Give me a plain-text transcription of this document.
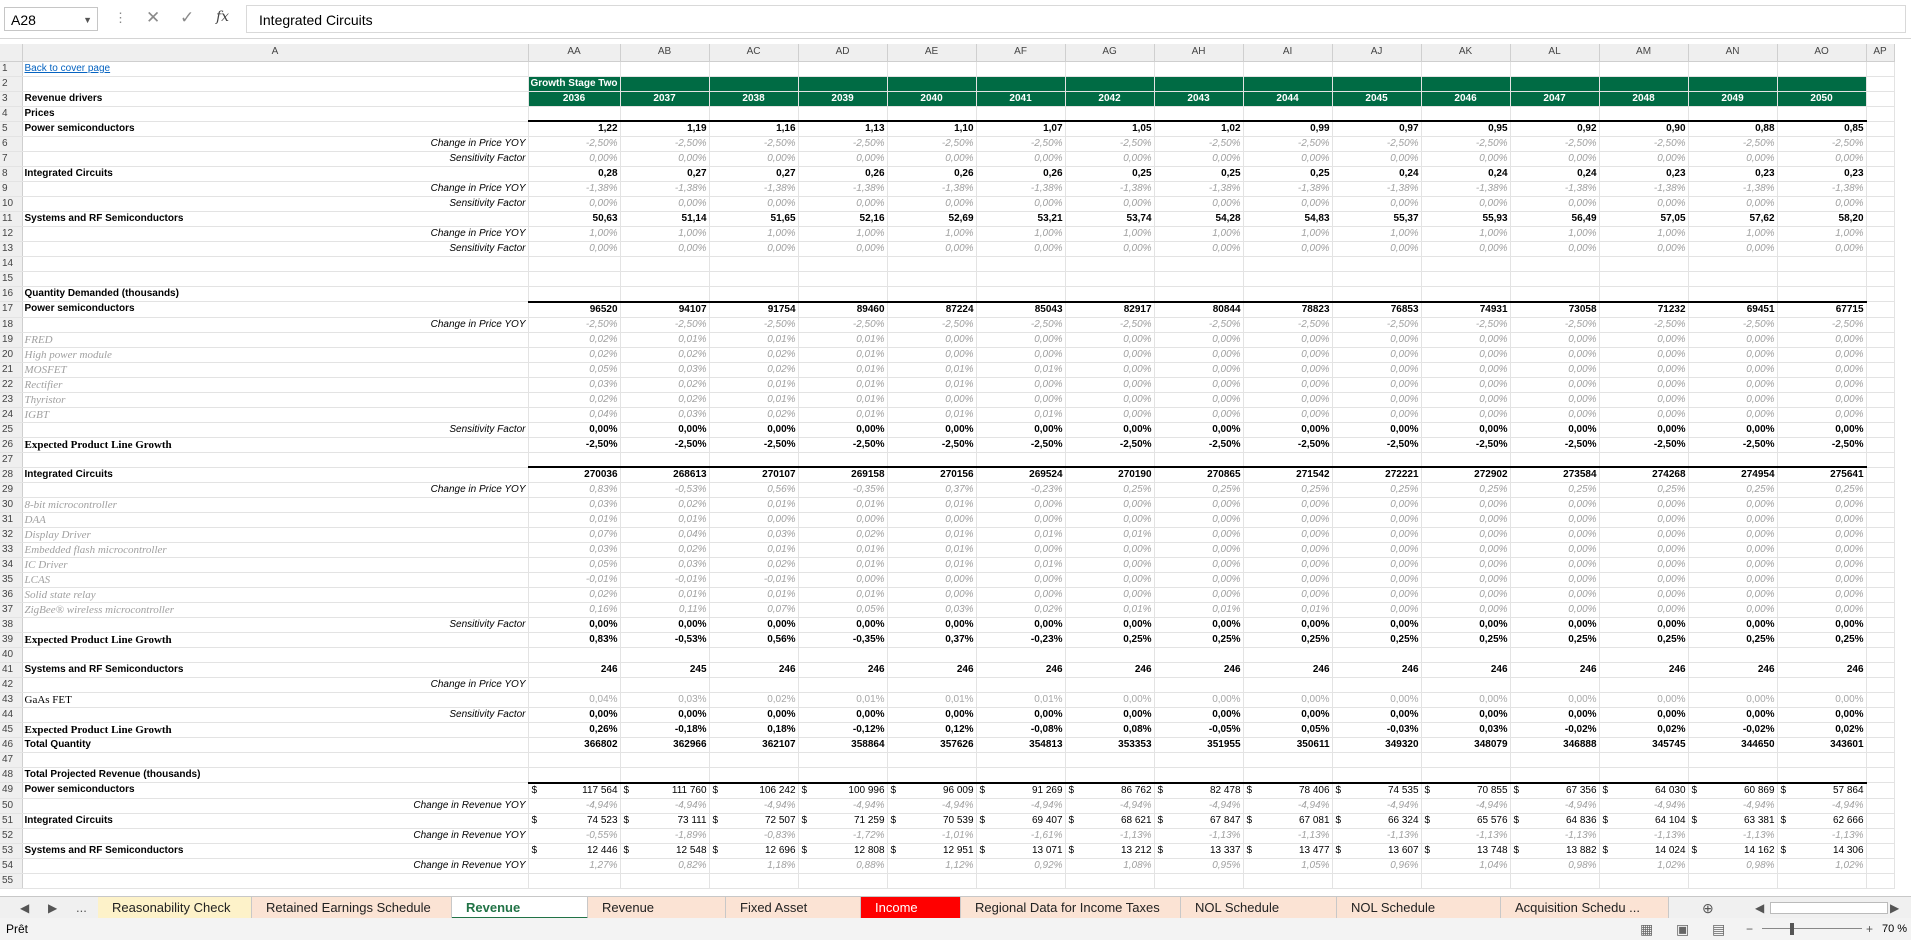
A28	▼ ⋮ ✕ ✓ fx	Integrated Circuits
	A	AA	AB	AC	AD	AE	AF	AG	AH	AI	AJ	AK	AL	AM	AN	AO	AP
1	Back to cover page																
2		Growth Stage Two															
3	Revenue drivers	2036	2037	2038	2039	2040	2041	2042	2043	2044	2045	2046	2047	2048	2049	2050	
4	Prices																
5	Power semiconductors	1,22	1,19	1,16	1,13	1,10	1,07	1,05	1,02	0,99	0,97	0,95	0,92	0,90	0,88	0,85	
6	Change in Price YOY	-2,50%	-2,50%	-2,50%	-2,50%	-2,50%	-2,50%	-2,50%	-2,50%	-2,50%	-2,50%	-2,50%	-2,50%	-2,50%	-2,50%	-2,50%	
7	Sensitivity Factor	0,00%	0,00%	0,00%	0,00%	0,00%	0,00%	0,00%	0,00%	0,00%	0,00%	0,00%	0,00%	0,00%	0,00%	0,00%	
8	Integrated Circuits	0,28	0,27	0,27	0,26	0,26	0,26	0,25	0,25	0,25	0,24	0,24	0,24	0,23	0,23	0,23	
9	Change in Price YOY	-1,38%	-1,38%	-1,38%	-1,38%	-1,38%	-1,38%	-1,38%	-1,38%	-1,38%	-1,38%	-1,38%	-1,38%	-1,38%	-1,38%	-1,38%	
10	Sensitivity Factor	0,00%	0,00%	0,00%	0,00%	0,00%	0,00%	0,00%	0,00%	0,00%	0,00%	0,00%	0,00%	0,00%	0,00%	0,00%	
11	Systems and RF Semiconductors	50,63	51,14	51,65	52,16	52,69	53,21	53,74	54,28	54,83	55,37	55,93	56,49	57,05	57,62	58,20	
12	Change in Price YOY	1,00%	1,00%	1,00%	1,00%	1,00%	1,00%	1,00%	1,00%	1,00%	1,00%	1,00%	1,00%	1,00%	1,00%	1,00%	
13	Sensitivity Factor	0,00%	0,00%	0,00%	0,00%	0,00%	0,00%	0,00%	0,00%	0,00%	0,00%	0,00%	0,00%	0,00%	0,00%	0,00%	
14																	
15																	
16	Quantity Demanded (thousands)																
17	Power semiconductors	96520	94107	91754	89460	87224	85043	82917	80844	78823	76853	74931	73058	71232	69451	67715	
18	Change in Price YOY	-2,50%	-2,50%	-2,50%	-2,50%	-2,50%	-2,50%	-2,50%	-2,50%	-2,50%	-2,50%	-2,50%	-2,50%	-2,50%	-2,50%	-2,50%	
19	FRED	0,02%	0,01%	0,01%	0,01%	0,00%	0,00%	0,00%	0,00%	0,00%	0,00%	0,00%	0,00%	0,00%	0,00%	0,00%	
20	High power module	0,02%	0,02%	0,02%	0,01%	0,00%	0,00%	0,00%	0,00%	0,00%	0,00%	0,00%	0,00%	0,00%	0,00%	0,00%	
21	MOSFET	0,05%	0,03%	0,02%	0,01%	0,01%	0,01%	0,00%	0,00%	0,00%	0,00%	0,00%	0,00%	0,00%	0,00%	0,00%	
22	Rectifier	0,03%	0,02%	0,01%	0,01%	0,01%	0,00%	0,00%	0,00%	0,00%	0,00%	0,00%	0,00%	0,00%	0,00%	0,00%	
23	Thyristor	0,02%	0,02%	0,01%	0,01%	0,00%	0,00%	0,00%	0,00%	0,00%	0,00%	0,00%	0,00%	0,00%	0,00%	0,00%	
24	IGBT	0,04%	0,03%	0,02%	0,01%	0,01%	0,01%	0,00%	0,00%	0,00%	0,00%	0,00%	0,00%	0,00%	0,00%	0,00%	
25	Sensitivity Factor	0,00%	0,00%	0,00%	0,00%	0,00%	0,00%	0,00%	0,00%	0,00%	0,00%	0,00%	0,00%	0,00%	0,00%	0,00%	
26	Expected Product Line Growth	-2,50%	-2,50%	-2,50%	-2,50%	-2,50%	-2,50%	-2,50%	-2,50%	-2,50%	-2,50%	-2,50%	-2,50%	-2,50%	-2,50%	-2,50%	
27																	
28	Integrated Circuits	270036	268613	270107	269158	270156	269524	270190	270865	271542	272221	272902	273584	274268	274954	275641	
29	Change in Price YOY	0,83%	-0,53%	0,56%	-0,35%	0,37%	-0,23%	0,25%	0,25%	0,25%	0,25%	0,25%	0,25%	0,25%	0,25%	0,25%	
30	8-bit microcontroller	0,03%	0,02%	0,01%	0,01%	0,01%	0,00%	0,00%	0,00%	0,00%	0,00%	0,00%	0,00%	0,00%	0,00%	0,00%	
31	DAA	0,01%	0,01%	0,00%	0,00%	0,00%	0,00%	0,00%	0,00%	0,00%	0,00%	0,00%	0,00%	0,00%	0,00%	0,00%	
32	Display Driver	0,07%	0,04%	0,03%	0,02%	0,01%	0,01%	0,01%	0,00%	0,00%	0,00%	0,00%	0,00%	0,00%	0,00%	0,00%	
33	Embedded flash microcontroller	0,03%	0,02%	0,01%	0,01%	0,01%	0,00%	0,00%	0,00%	0,00%	0,00%	0,00%	0,00%	0,00%	0,00%	0,00%	
34	IC Driver	0,05%	0,03%	0,02%	0,01%	0,01%	0,01%	0,00%	0,00%	0,00%	0,00%	0,00%	0,00%	0,00%	0,00%	0,00%	
35	LCAS	-0,01%	-0,01%	-0,01%	0,00%	0,00%	0,00%	0,00%	0,00%	0,00%	0,00%	0,00%	0,00%	0,00%	0,00%	0,00%	
36	Solid state relay	0,02%	0,01%	0,01%	0,01%	0,00%	0,00%	0,00%	0,00%	0,00%	0,00%	0,00%	0,00%	0,00%	0,00%	0,00%	
37	ZigBee® wireless microcontroller	0,16%	0,11%	0,07%	0,05%	0,03%	0,02%	0,01%	0,01%	0,01%	0,00%	0,00%	0,00%	0,00%	0,00%	0,00%	
38	Sensitivity Factor	0,00%	0,00%	0,00%	0,00%	0,00%	0,00%	0,00%	0,00%	0,00%	0,00%	0,00%	0,00%	0,00%	0,00%	0,00%	
39	Expected Product Line Growth	0,83%	-0,53%	0,56%	-0,35%	0,37%	-0,23%	0,25%	0,25%	0,25%	0,25%	0,25%	0,25%	0,25%	0,25%	0,25%	
40																	
41	Systems and RF Semiconductors	246	245	246	246	246	246	246	246	246	246	246	246	246	246	246	
42	Change in Price YOY																
43	GaAs FET	0,04%	0,03%	0,02%	0,01%	0,01%	0,01%	0,00%	0,00%	0,00%	0,00%	0,00%	0,00%	0,00%	0,00%	0,00%	
44	Sensitivity Factor	0,00%	0,00%	0,00%	0,00%	0,00%	0,00%	0,00%	0,00%	0,00%	0,00%	0,00%	0,00%	0,00%	0,00%	0,00%	
45	Expected Product Line Growth	0,26%	-0,18%	0,18%	-0,12%	0,12%	-0,08%	0,08%	-0,05%	0,05%	-0,03%	0,03%	-0,02%	0,02%	-0,02%	0,02%	
46	Total Quantity	366802	362966	362107	358864	357626	354813	353353	351955	350611	349320	348079	346888	345745	344650	343601	
47																	
48	Total Projected Revenue (thousands)																
49	Power semiconductors	$ 117 564	$ 111 760	$ 106 242	$ 100 996	$ 96 009	$ 91 269	$ 86 762	$ 82 478	$ 78 406	$ 74 535	$ 70 855	$ 67 356	$ 64 030	$ 60 869	$ 57 864	
50	Change in Revenue YOY	-4,94%	-4,94%	-4,94%	-4,94%	-4,94%	-4,94%	-4,94%	-4,94%	-4,94%	-4,94%	-4,94%	-4,94%	-4,94%	-4,94%	-4,94%	
51	Integrated Circuits	$ 74 523	$ 73 111	$ 72 507	$ 71 259	$ 70 539	$ 69 407	$ 68 621	$ 67 847	$ 67 081	$ 66 324	$ 65 576	$ 64 836	$ 64 104	$ 63 381	$ 62 666	
52	Change in Revenue YOY	-0,55%	-1,89%	-0,83%	-1,72%	-1,01%	-1,61%	-1,13%	-1,13%	-1,13%	-1,13%	-1,13%	-1,13%	-1,13%	-1,13%	-1,13%	
53	Systems and RF Semiconductors	$ 12 446	$ 12 548	$ 12 696	$ 12 808	$ 12 951	$ 13 071	$ 13 212	$ 13 337	$ 13 477	$ 13 607	$ 13 748	$ 13 882	$ 14 024	$ 14 162	$ 14 306	
54	Change in Revenue YOY	1,27%	0,82%	1,18%	0,88%	1,12%	0,92%	1,08%	0,95%	1,05%	0,96%	1,04%	0,98%	1,02%	0,98%	1,02%	
55																	
◀ ▶ ...	Reasonability Check	Retained Earnings Schedule	Revenue	Revenue	Fixed Asset	Income	Regional Data for Income Taxes	NOL Schedule	NOL Schedule	Acquisition Schedu ...	⊕	◀	▶
Prêt	▦ ▣ ▤ −	+ 70 %
